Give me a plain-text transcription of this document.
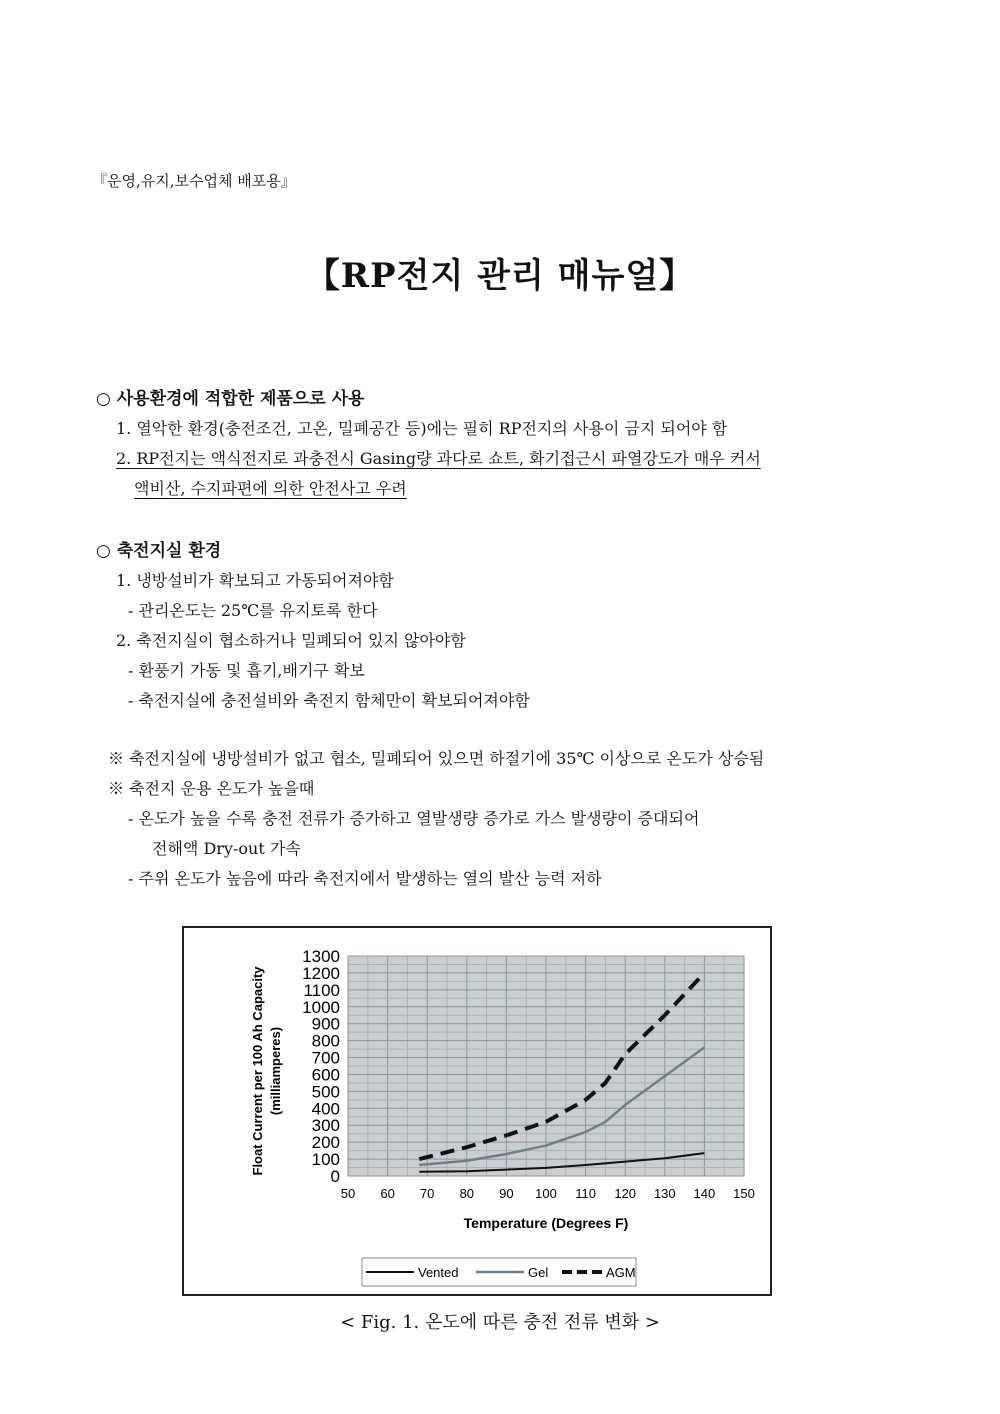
『운영,유지,보수업체 배포용』
【RP전지 관리 매뉴얼】
○ 사용환경에 적합한 제품으로 사용
1. 열악한 환경(충전조건, 고온, 밀폐공간 등)에는 필히 RP전지의 사용이 금지 되어야 함
2. RP전지는 액식전지로 과충전시 Gasing량 과다로 쇼트, 화기접근시 파열강도가 매우 커서
액비산, 수지파편에 의한 안전사고 우려
○ 축전지실 환경
1. 냉방설비가 확보되고 가동되어져야함
- 관리온도는 25℃를 유지토록 한다
2. 축전지실이 협소하거나 밀폐되어 있지 않아야함
- 환풍기 가동 및 흡기,배기구 확보
- 축전지실에 충전설비와 축전지 함체만이 확보되어져야함
※ 축전지실에 냉방설비가 없고 협소, 밀폐되어 있으면 하절기에 35℃ 이상으로 온도가 상승됨
※ 축전지 운용 온도가 높을때
- 온도가 높을 수록 충전 전류가 증가하고 열발생량 증가로 가스 발생량이 증대되어
전해액 Dry-out 가속
- 주위 온도가 높음에 따라 축전지에서 발생하는 열의 발산 능력 저하
0
100
200
300
400
500
600
700
800
900
1000
1100
1200
1300
50 60 70 80 90 100 110 120 130 140 150
Float Current per 100 Ah Capacity (milliamperes)
Temperature (Degrees F)
Vented	Gel	AGM
< Fig. 1. 온도에 따른 충전 전류 변화 >
